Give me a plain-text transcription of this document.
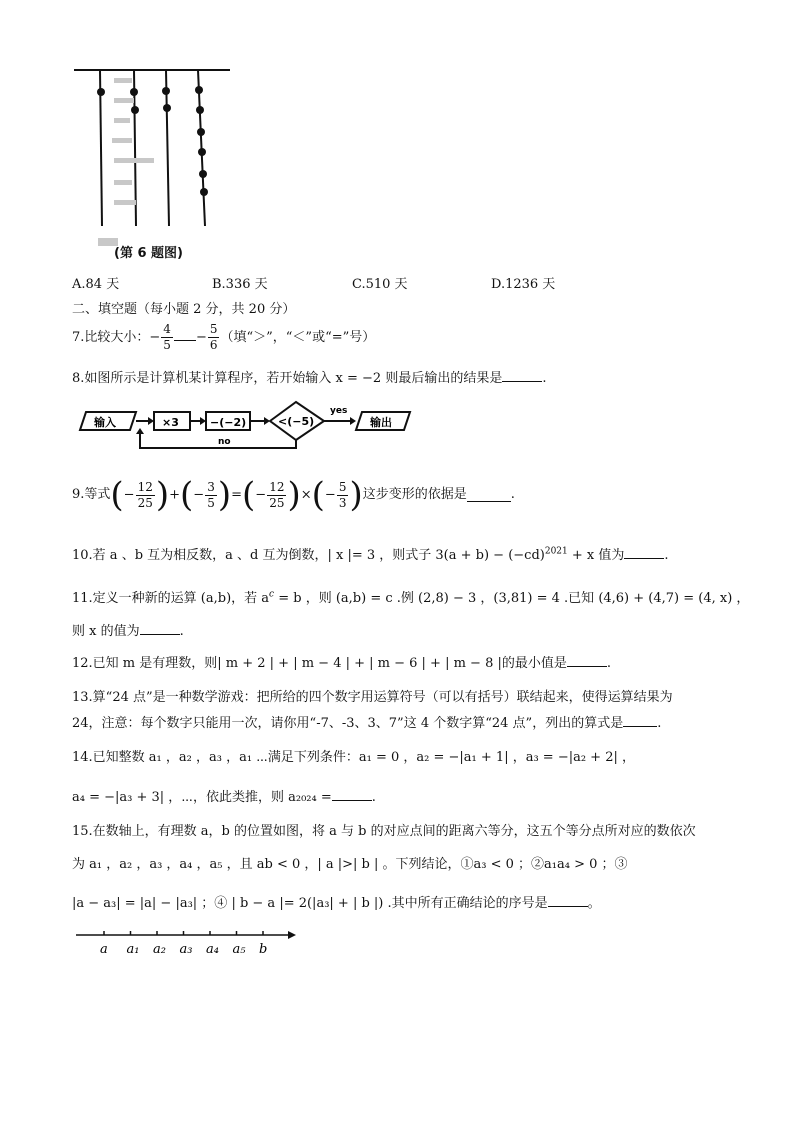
(第 6 题图)
A.84 天	B.336 天	C.510 天	D.1236 天
二、填空题（每小题 2 分，共 20 分）
7.比较大小：− $\frac{4}{5} - \frac{5}{6}$ （填“＞”，“＜”或“=”号）
8.如图所示是计算机某计算程序，若开始输入 x = −2 则最后输出的结果是	.
输入	×3	−(−2)	<(−5)
yes
输出
no
9.等式(− $\frac{12}{25}$ )+(− $\frac{3}{5}$ )=(− $\frac{12}{25}$ )×(− $\frac{5}{3}$ )这步变形的依据是	.
10.若 a 、b 互为相反数，a 、d 互为倒数，| x |= 3 ，则式子 $3(a + b) - (-cd)^{2021} + x$ 值为	.
11.定义一种新的运算 (a,b)，若 $a^c = b$ ，则 (a,b) = c .例 (2,8) − 3 ，(3,81) = 4 .已知 (4,6) + (4,7) = (4, x) ，
则 x 的值为	.
12.已知 m 是有理数，则| m + 2 | + | m − 4 | + | m − 6 | + | m − 8 |的最小值是	.
13.算“24 点”是一种数学游戏：把所给的四个数字用运算符号（可以有括号）联结起来，使得运算结果为
24，注意：每个数字只能用一次，请你用“-7、-3、3、7”这 4 个数字算“24 点”，列出的算式是	.
14.已知整数 a₁ ，a₂ ，a₃ ，a₁ ⋯满足下列条件：a₁ = 0 ，a₂ = −|a₁ + 1| ，a₃ = −|a₂ + 2| ，
a₄ = −|a₃ + 3| ，⋯，依此类推，则 a₂₀₂₄ =	.
15.在数轴上，有理数 a，b 的位置如图，将 a 与 b 的对应点间的距离六等分，这五个等分点所对应的数依次
为 a₁ ，a₂ ，a₃ ，a₄ ，a₅ ，且 ab < 0 ，| a |>| b | 。下列结论，①a₃ < 0 ；②a₁a₄ > 0 ；③
|a − a₃| = |a| − |a₃| ；④ | b − a |= 2(|a₃| + | b |) .其中所有正确结论的序号是	。
a a₁ a₂ a₃ a₄ a₅ b
